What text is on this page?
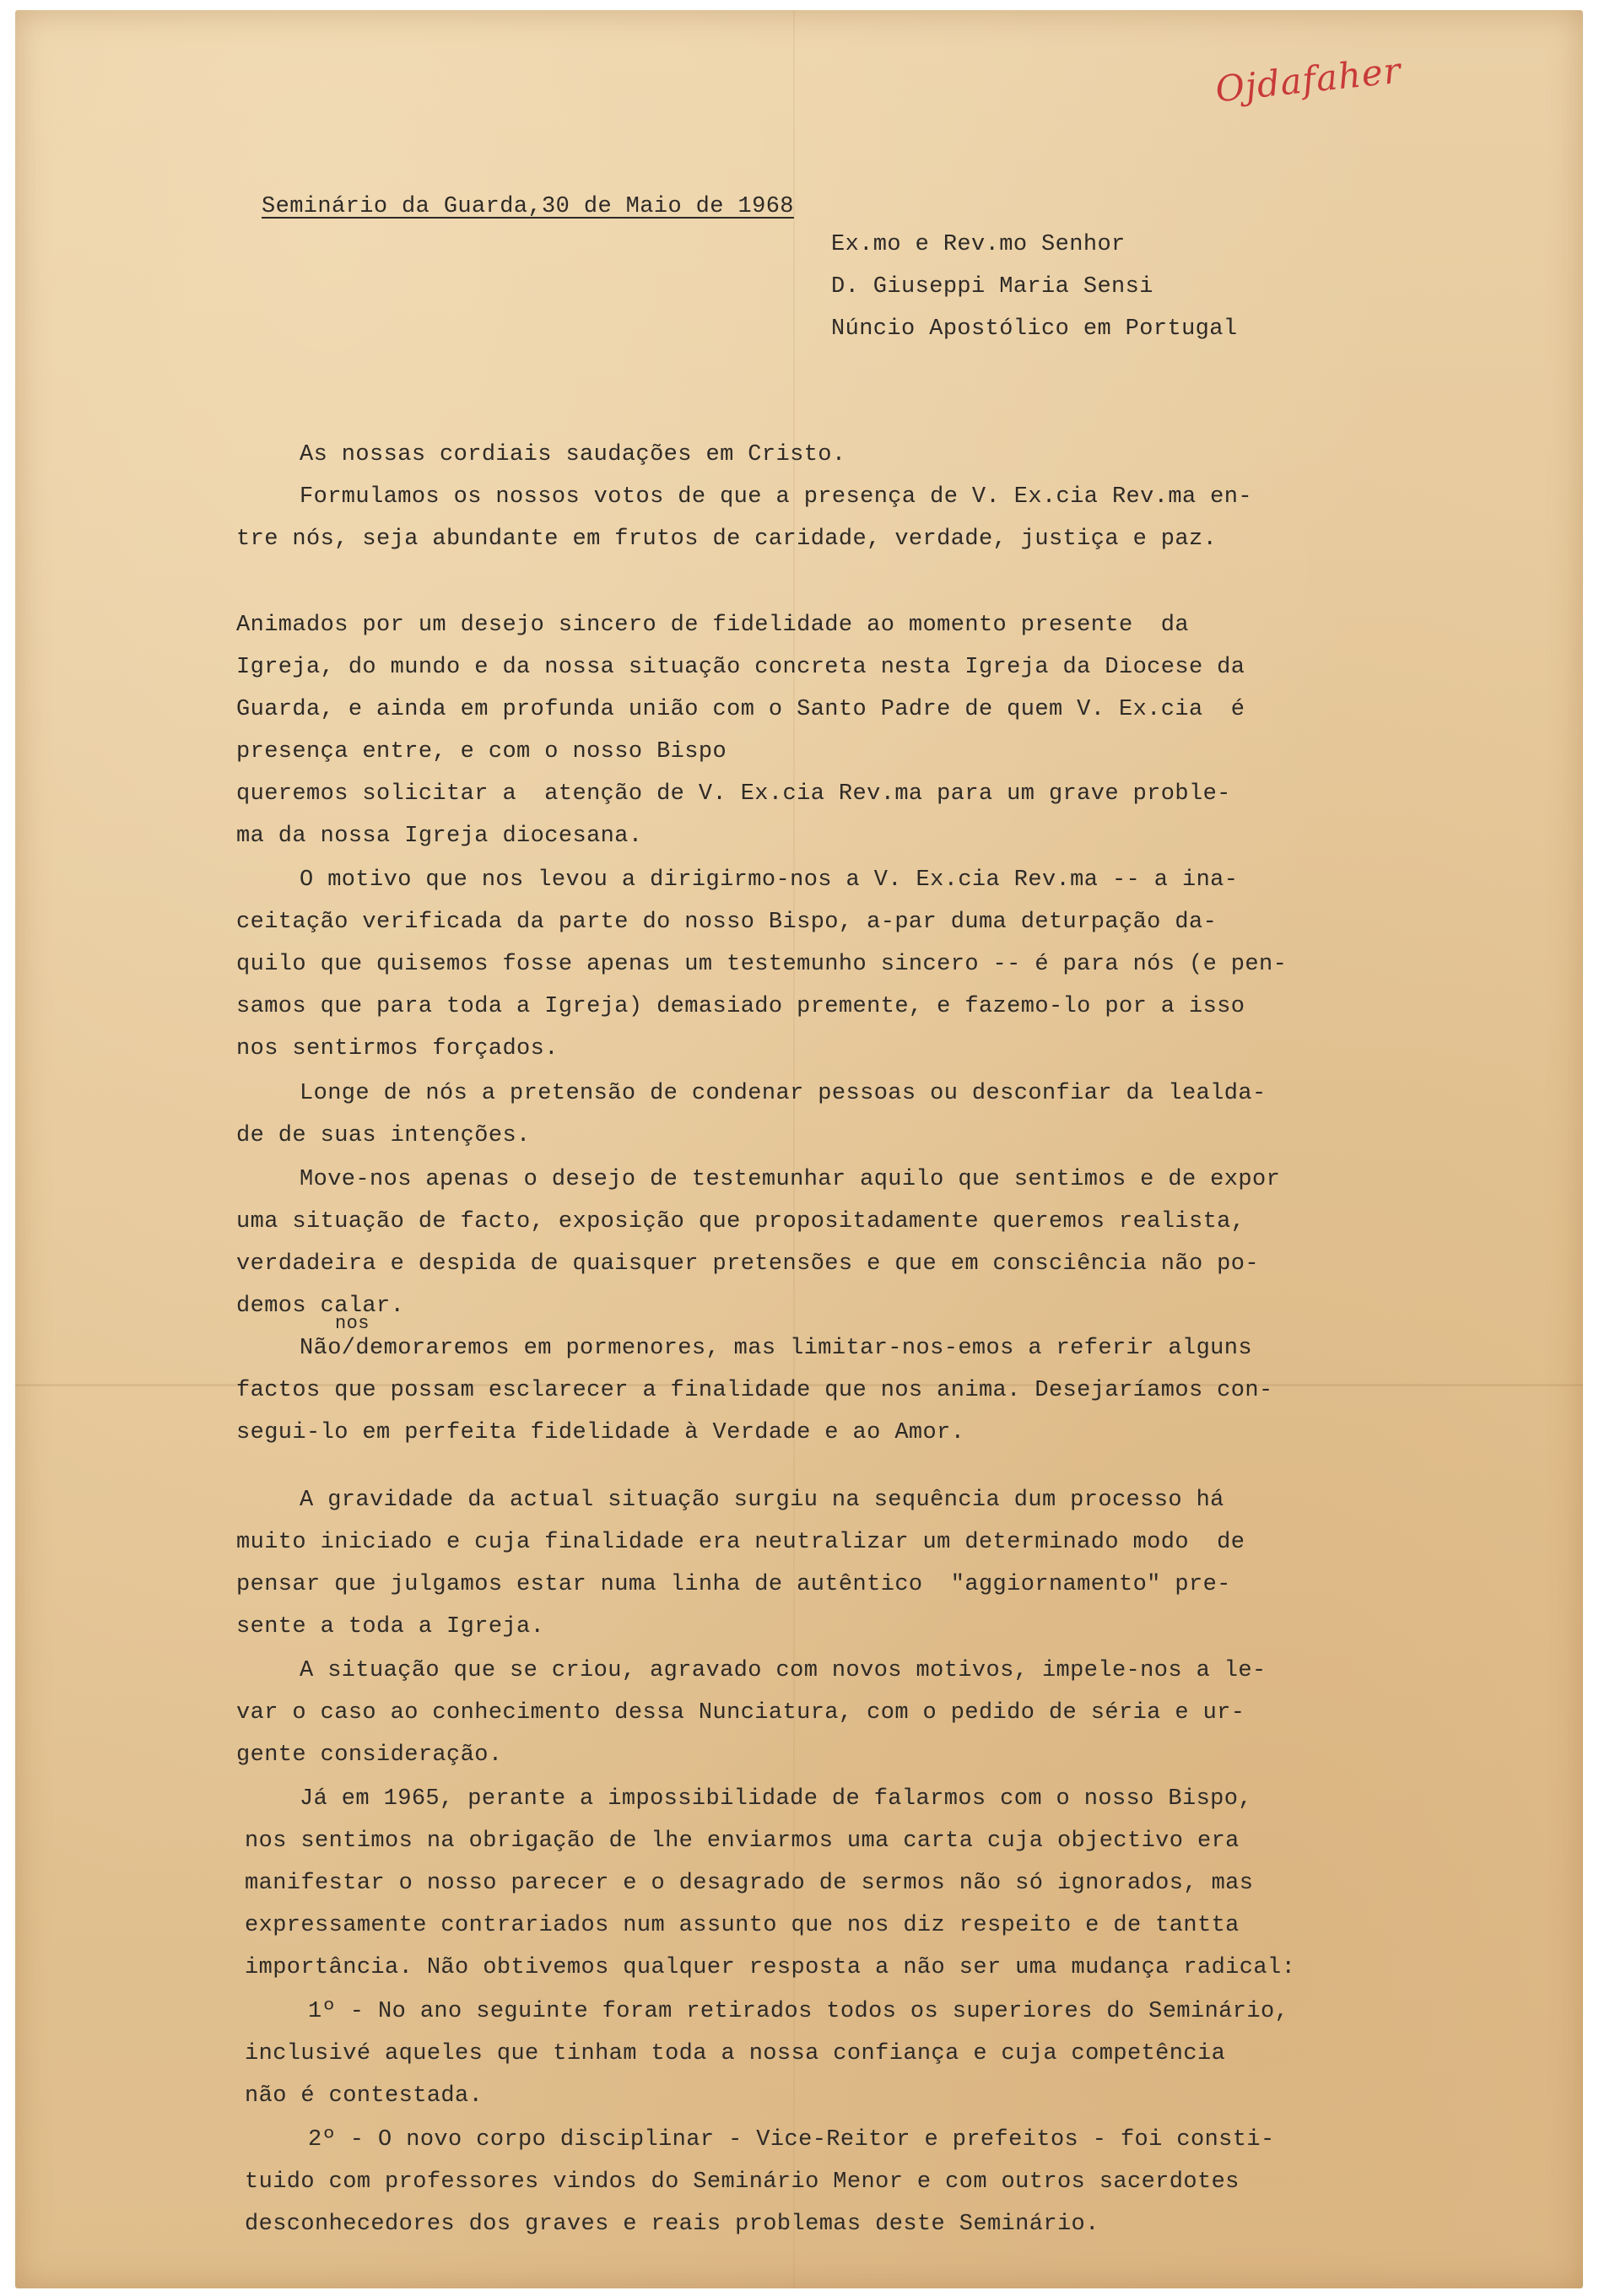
Ojdafaher
Seminário da Guarda,30 de Maio de 1968
Ex.mo e Rev.mo Senhor
D. Giuseppi Maria Sensi
Núncio Apostólico em Portugal
As nossas cordiais saudações em Cristo.
Formulamos os nossos votos de que a presença de V. Ex.cia Rev.ma en-
tre nós, seja abundante em frutos de caridade, verdade, justiça e paz.
Animados por um desejo sincero de fidelidade ao momento presente  da
Igreja, do mundo e da nossa situação concreta nesta Igreja da Diocese da
Guarda, e ainda em profunda união com o Santo Padre de quem V. Ex.cia  é
presença entre, e com o nosso Bispo
queremos solicitar a  atenção de V. Ex.cia Rev.ma para um grave proble-
ma da nossa Igreja diocesana.
O motivo que nos levou a dirigirmo-nos a V. Ex.cia Rev.ma -- a ina-
ceitação verificada da parte do nosso Bispo, a-par duma deturpação da-
quilo que quisemos fosse apenas um testemunho sincero -- é para nós (e pen-
samos que para toda a Igreja) demasiado premente, e fazemo-lo por a isso
nos sentirmos forçados.
Longe de nós a pretensão de condenar pessoas ou desconfiar da lealda-
de de suas intenções.
Move-nos apenas o desejo de testemunhar aquilo que sentimos e de expor
uma situação de facto, exposição que propositadamente queremos realista,
verdadeira e despida de quaisquer pretensões e que em consciência não po-
demos calar.
Não/demoraremos em pormenores, mas limitar-nos-emos a referir alguns
factos que possam esclarecer a finalidade que nos anima. Desejaríamos con-
segui-lo em perfeita fidelidade à Verdade e ao Amor.
A gravidade da actual situação surgiu na sequência dum processo há
muito iniciado e cuja finalidade era neutralizar um determinado modo  de
pensar que julgamos estar numa linha de autêntico  "aggiornamento" pre-
sente a toda a Igreja.
A situação que se criou, agravado com novos motivos, impele-nos a le-
var o caso ao conhecimento dessa Nunciatura, com o pedido de séria e ur-
gente consideração.
Já em 1965, perante a impossibilidade de falarmos com o nosso Bispo,
nos sentimos na obrigação de lhe enviarmos uma carta cuja objectivo era
manifestar o nosso parecer e o desagrado de sermos não só ignorados, mas
expressamente contrariados num assunto que nos diz respeito e de tantta
importância. Não obtivemos qualquer resposta a não ser uma mudança radical:
1º - No ano seguinte foram retirados todos os superiores do Seminário,
inclusivé aqueles que tinham toda a nossa confiança e cuja competência
não é contestada.
2º - O novo corpo disciplinar - Vice-Reitor e prefeitos - foi consti-
tuido com professores vindos do Seminário Menor e com outros sacerdotes
desconhecedores dos graves e reais problemas deste Seminário.
nos
